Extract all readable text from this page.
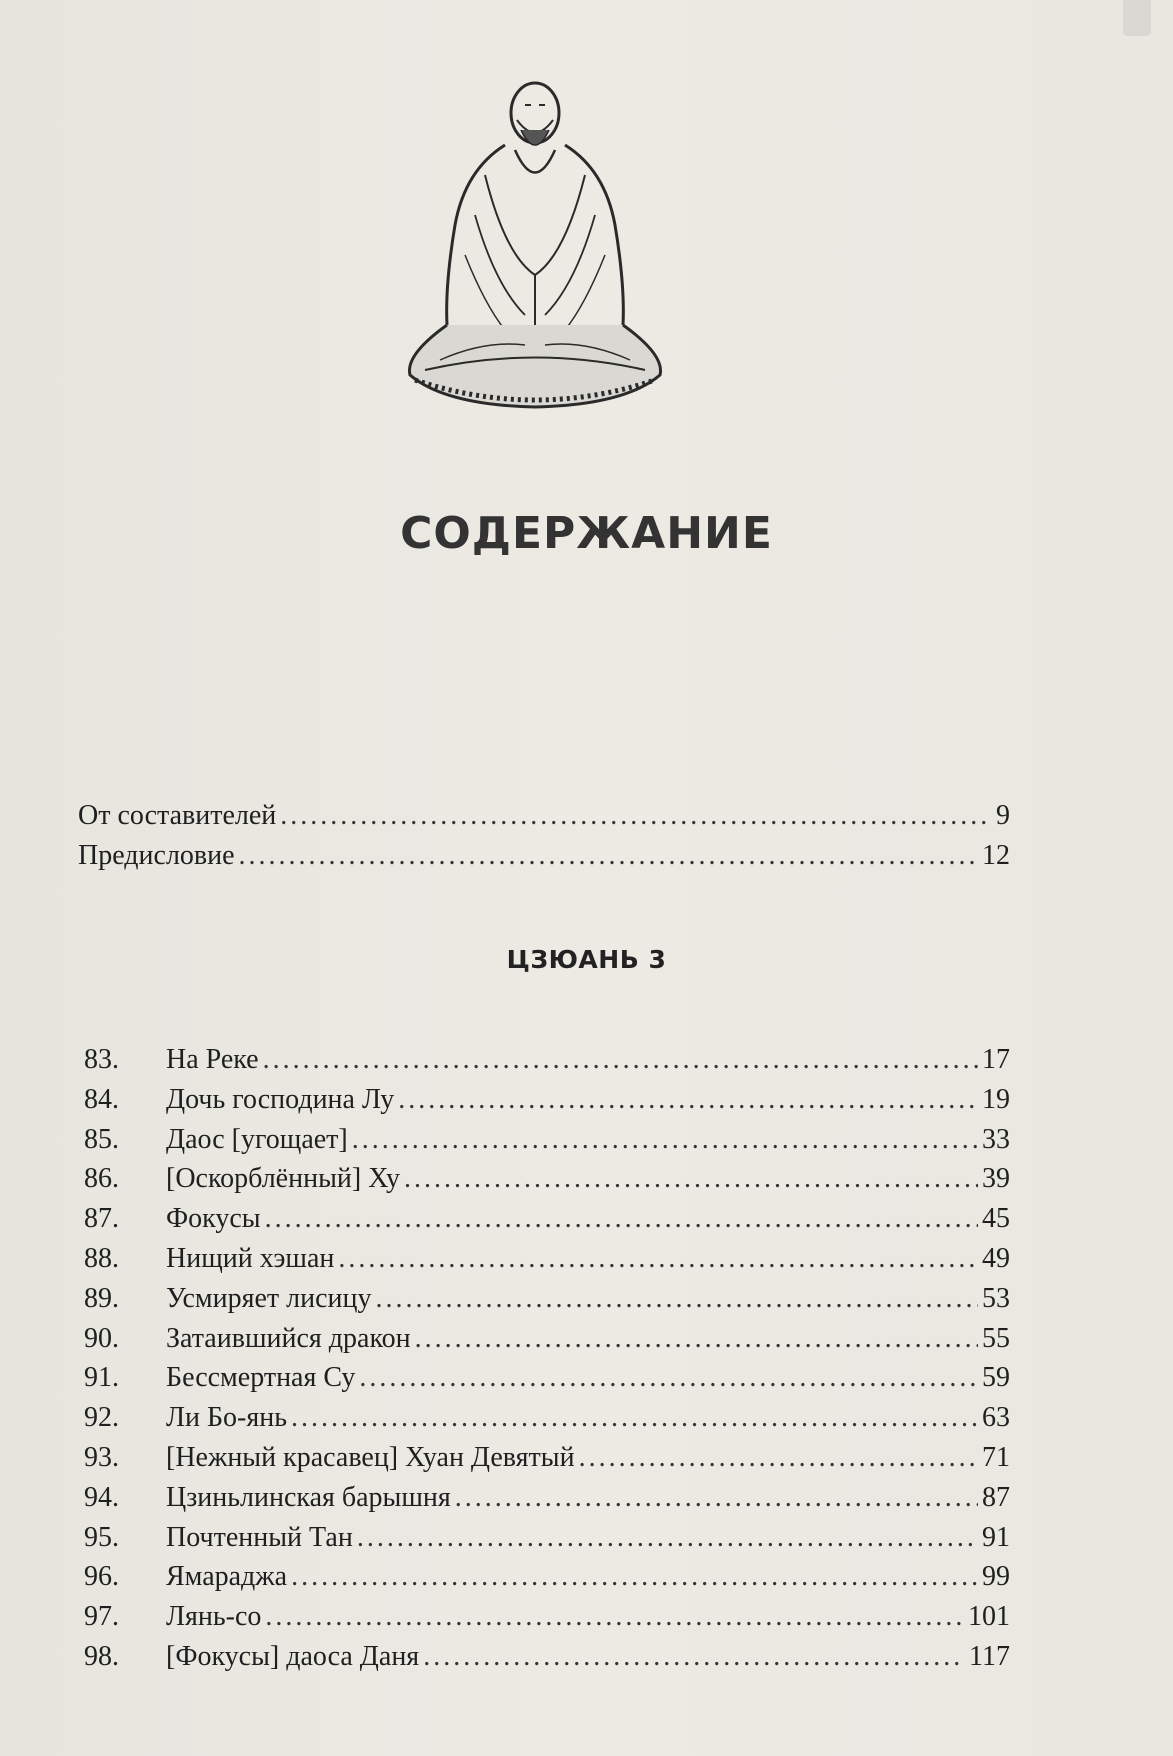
СОДЕРЖАНИЕ
От составителей .....	9
Предисловие .....	12
ЦЗЮАНЬ 3
83.	На Реке .....	17
84.	Дочь господина Лу .....	19
85.	Даос [угощает] .....	33
86.	[Оскорблённый] Ху .....	39
87.	Фокусы .....	45
88.	Нищий хэшан .....	49
89.	Усмиряет лисицу .....	53
90.	Затаившийся дракон .....	55
91.	Бессмертная Су .....	59
92.	Ли Бо-янь .....	63
93.	[Нежный красавец] Хуан Девятый .....	71
94.	Цзиньлинская барышня .....	87
95.	Почтенный Тан .....	91
96.	Ямараджа .....	99
97.	Лянь-со .....	101
98.	[Фокусы] даоса Даня .....	117
